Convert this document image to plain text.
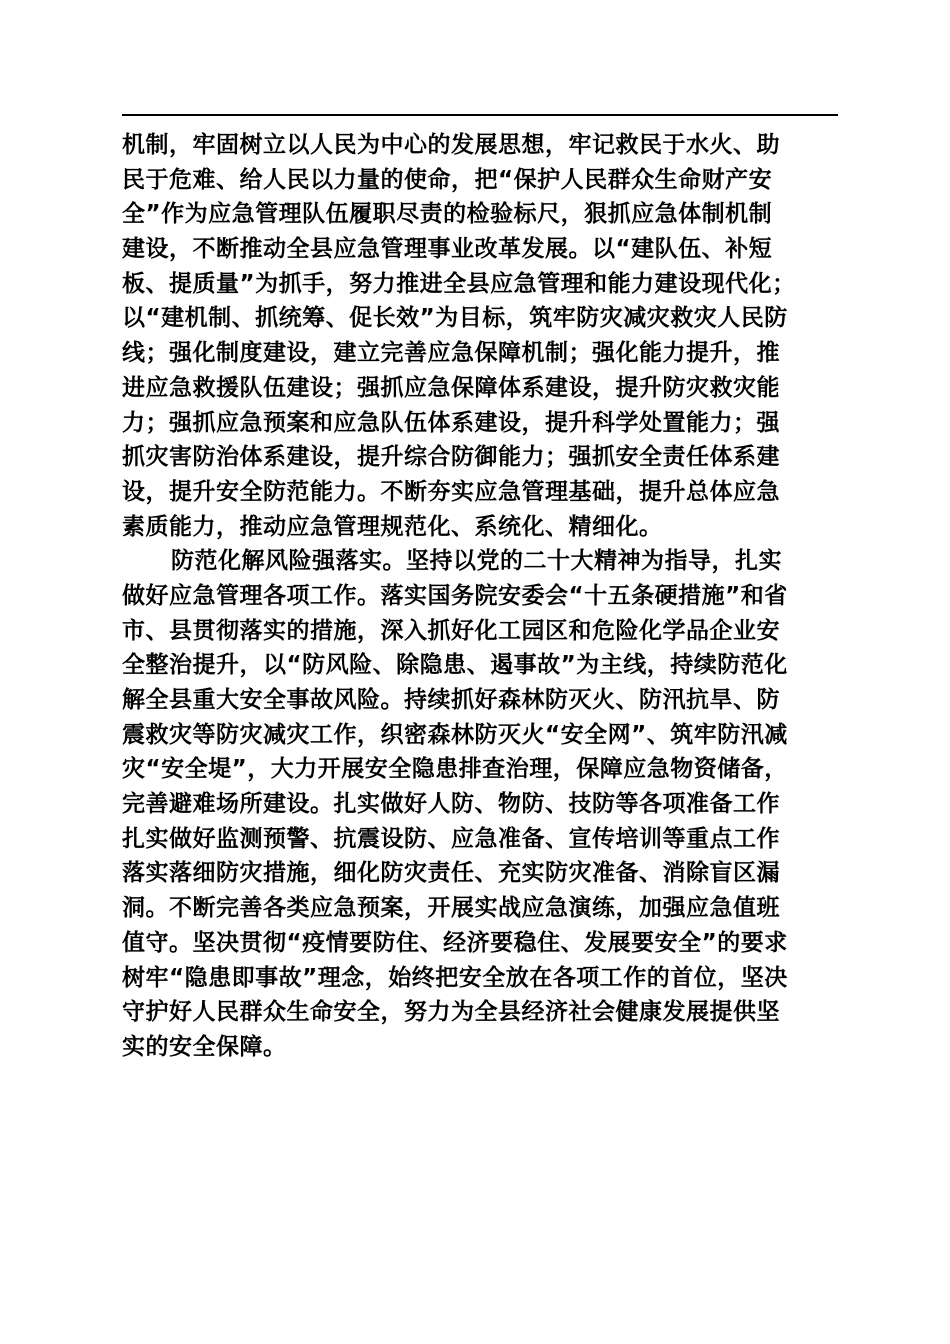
机制，牢固树立以人民为中心的发展思想，牢记救民于水火、助
民于危难、给人民以力量的使命，把“保护人民群众生命财产安
全”作为应急管理队伍履职尽责的检验标尺，狠抓应急体制机制
建设，不断推动全县应急管理事业改革发展。以“建队伍、补短
板、提质量”为抓手，努力推进全县应急管理和能力建设现代化；
以“建机制、抓统筹、促长效”为目标，筑牢防灾减灾救灾人民防
线；强化制度建设，建立完善应急保障机制；强化能力提升，推
进应急救援队伍建设；强抓应急保障体系建设，提升防灾救灾能
力；强抓应急预案和应急队伍体系建设，提升科学处置能力；强
抓灾害防治体系建设，提升综合防御能力；强抓安全责任体系建
设，提升安全防范能力。不断夯实应急管理基础，提升总体应急
素质能力，推动应急管理规范化、系统化、精细化。
防范化解风险强落实。坚持以党的二十大精神为指导，扎实
做好应急管理各项工作。落实国务院安委会“十五条硬措施”和省
市、县贯彻落实的措施，深入抓好化工园区和危险化学品企业安
全整治提升，以“防风险、除隐患、遏事故”为主线，持续防范化
解全县重大安全事故风险。持续抓好森林防灭火、防汛抗旱、防
震救灾等防灾减灾工作，织密森林防灭火“安全网”、筑牢防汛减
灾“安全堤”，大力开展安全隐患排查治理，保障应急物资储备，
完善避难场所建设。扎实做好人防、物防、技防等各项准备工作
扎实做好监测预警、抗震设防、应急准备、宣传培训等重点工作
落实落细防灾措施，细化防灾责任、充实防灾准备、消除盲区漏
洞。不断完善各类应急预案，开展实战应急演练，加强应急值班
值守。坚决贯彻“疫情要防住、经济要稳住、发展要安全”的要求
树牢“隐患即事故”理念，始终把安全放在各项工作的首位，坚决
守护好人民群众生命安全，努力为全县经济社会健康发展提供坚
实的安全保障。
